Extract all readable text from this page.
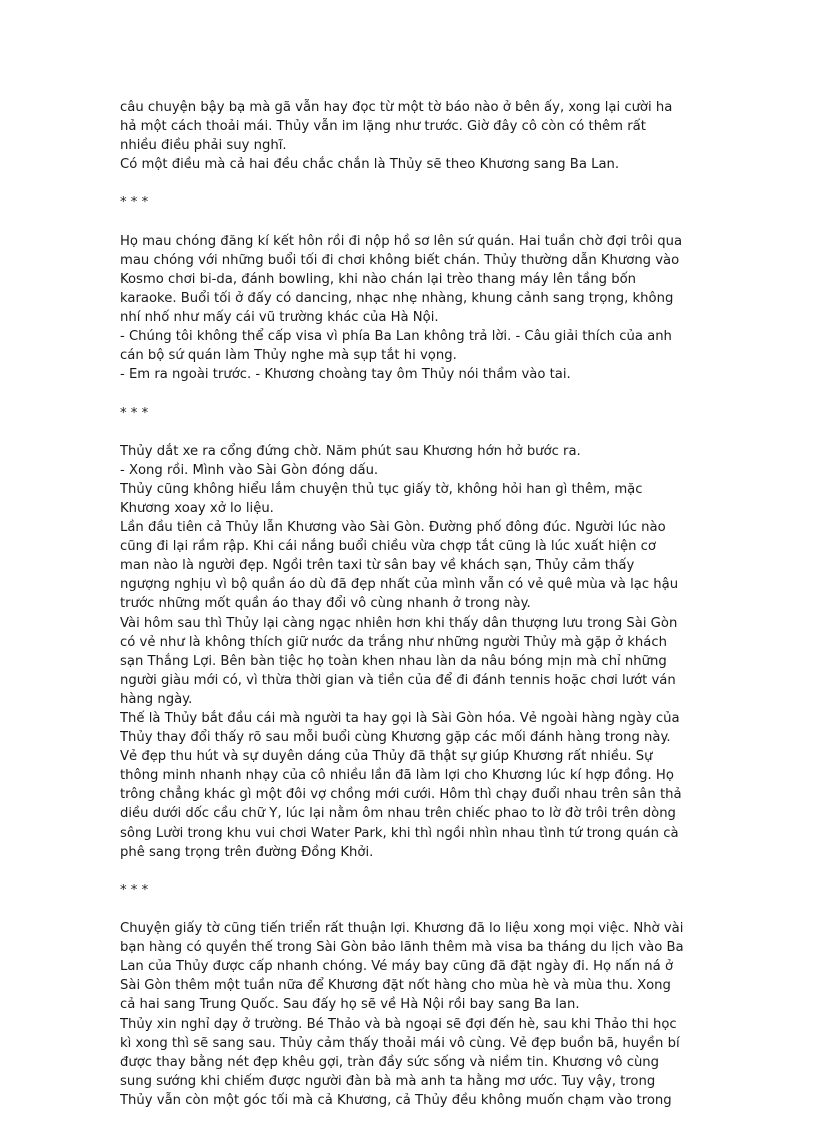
câu chuyện bậy bạ mà gã vẫn hay đọc từ một tờ báo nào ở bên ấy, xong lại cười ha
hả một cách thoải mái. Thủy vẫn im lặng như trước. Giờ đây cô còn có thêm rất
nhiều điều phải suy nghĩ.
Có một điều mà cả hai đều chắc chắn là Thủy sẽ theo Khương sang Ba Lan.
* * *
Họ mau chóng đăng kí kết hôn rồi đi nộp hồ sơ lên sứ quán. Hai tuần chờ đợi trôi qua
mau chóng với những buổi tối đi chơi không biết chán. Thủy thường dẫn Khương vào
Kosmo chơi bi-da, đánh bowling, khi nào chán lại trèo thang máy lên tầng bốn
karaoke. Buổi tối ở đấy có dancing, nhạc nhẹ nhàng, khung cảnh sang trọng, không
nhí nhố như mấy cái vũ trường khác của Hà Nội.
- Chúng tôi không thể cấp visa vì phía Ba Lan không trả lời. - Câu giải thích của anh
cán bộ sứ quán làm Thủy nghe mà sụp tắt hi vọng.
- Em ra ngoài trước. - Khương choàng tay ôm Thủy nói thầm vào tai.
* * *
Thủy dắt xe ra cổng đứng chờ. Năm phút sau Khương hớn hở bước ra.
- Xong rồi. Mình vào Sài Gòn đóng dấu.
Thủy cũng không hiểu lắm chuyện thủ tục giấy tờ, không hỏi han gì thêm, mặc
Khương xoay xở lo liệu.
Lần đầu tiên cả Thủy lẫn Khương vào Sài Gòn. Đường phố đông đúc. Người lúc nào
cũng đi lại rầm rập. Khi cái nắng buổi chiều vừa chợp tắt cũng là lúc xuất hiện cơ
man nào là người đẹp. Ngồi trên taxi từ sân bay về khách sạn, Thủy cảm thấy
ngượng nghịu vì bộ quần áo dù đã đẹp nhất của mình vẫn có vẻ quê mùa và lạc hậu
trước những mốt quần áo thay đổi vô cùng nhanh ở trong này.
Vài hôm sau thì Thủy lại càng ngạc nhiên hơn khi thấy dân thượng lưu trong Sài Gòn
có vẻ như là không thích giữ nước da trắng như những người Thủy mà gặp ở khách
sạn Thắng Lợi. Bên bàn tiệc họ toàn khen nhau làn da nâu bóng mịn mà chỉ những
người giàu mới có, vì thừa thời gian và tiền của để đi đánh tennis hoặc chơi lướt ván
hàng ngày.
Thế là Thủy bắt đầu cái mà người ta hay gọi là Sài Gòn hóa. Vẻ ngoài hàng ngày của
Thủy thay đổi thấy rõ sau mỗi buổi cùng Khương gặp các mối đánh hàng trong này.
Vẻ đẹp thu hút và sự duyên dáng của Thủy đã thật sự giúp Khương rất nhiều. Sự
thông minh nhanh nhạy của cô nhiều lần đã làm lợi cho Khương lúc kí hợp đồng. Họ
trông chẳng khác gì một đôi vợ chồng mới cưới. Hôm thì chạy đuổi nhau trên sân thả
diều dưới dốc cầu chữ Y, lúc lại nằm ôm nhau trên chiếc phao to lờ đờ trôi trên dòng
sông Lười trong khu vui chơi Water Park, khi thì ngồi nhìn nhau tình tứ trong quán cà
phê sang trọng trên đường Đồng Khởi.
* * *
Chuyện giấy tờ cũng tiến triển rất thuận lợi. Khương đã lo liệu xong mọi việc. Nhờ vài
bạn hàng có quyền thế trong Sài Gòn bảo lãnh thêm mà visa ba tháng du lịch vào Ba
Lan của Thủy được cấp nhanh chóng. Vé máy bay cũng đã đặt ngày đi. Họ nấn ná ở
Sài Gòn thêm một tuần nữa để Khương đặt nốt hàng cho mùa hè và mùa thu. Xong
cả hai sang Trung Quốc. Sau đấy họ sẽ về Hà Nội rồi bay sang Ba lan.
Thủy xin nghỉ dạy ở trường. Bé Thảo và bà ngoại sẽ đợi đến hè, sau khi Thảo thi học
kì xong thì sẽ sang sau. Thủy cảm thấy thoải mái vô cùng. Vẻ đẹp buồn bã, huyền bí
được thay bằng nét đẹp khêu gợi, tràn đầy sức sống và niềm tin. Khương vô cùng
sung sướng khi chiếm được người đàn bà mà anh ta hằng mơ ước. Tuy vậy, trong
Thủy vẫn còn một góc tối mà cả Khương, cả Thủy đều không muốn chạm vào trong
